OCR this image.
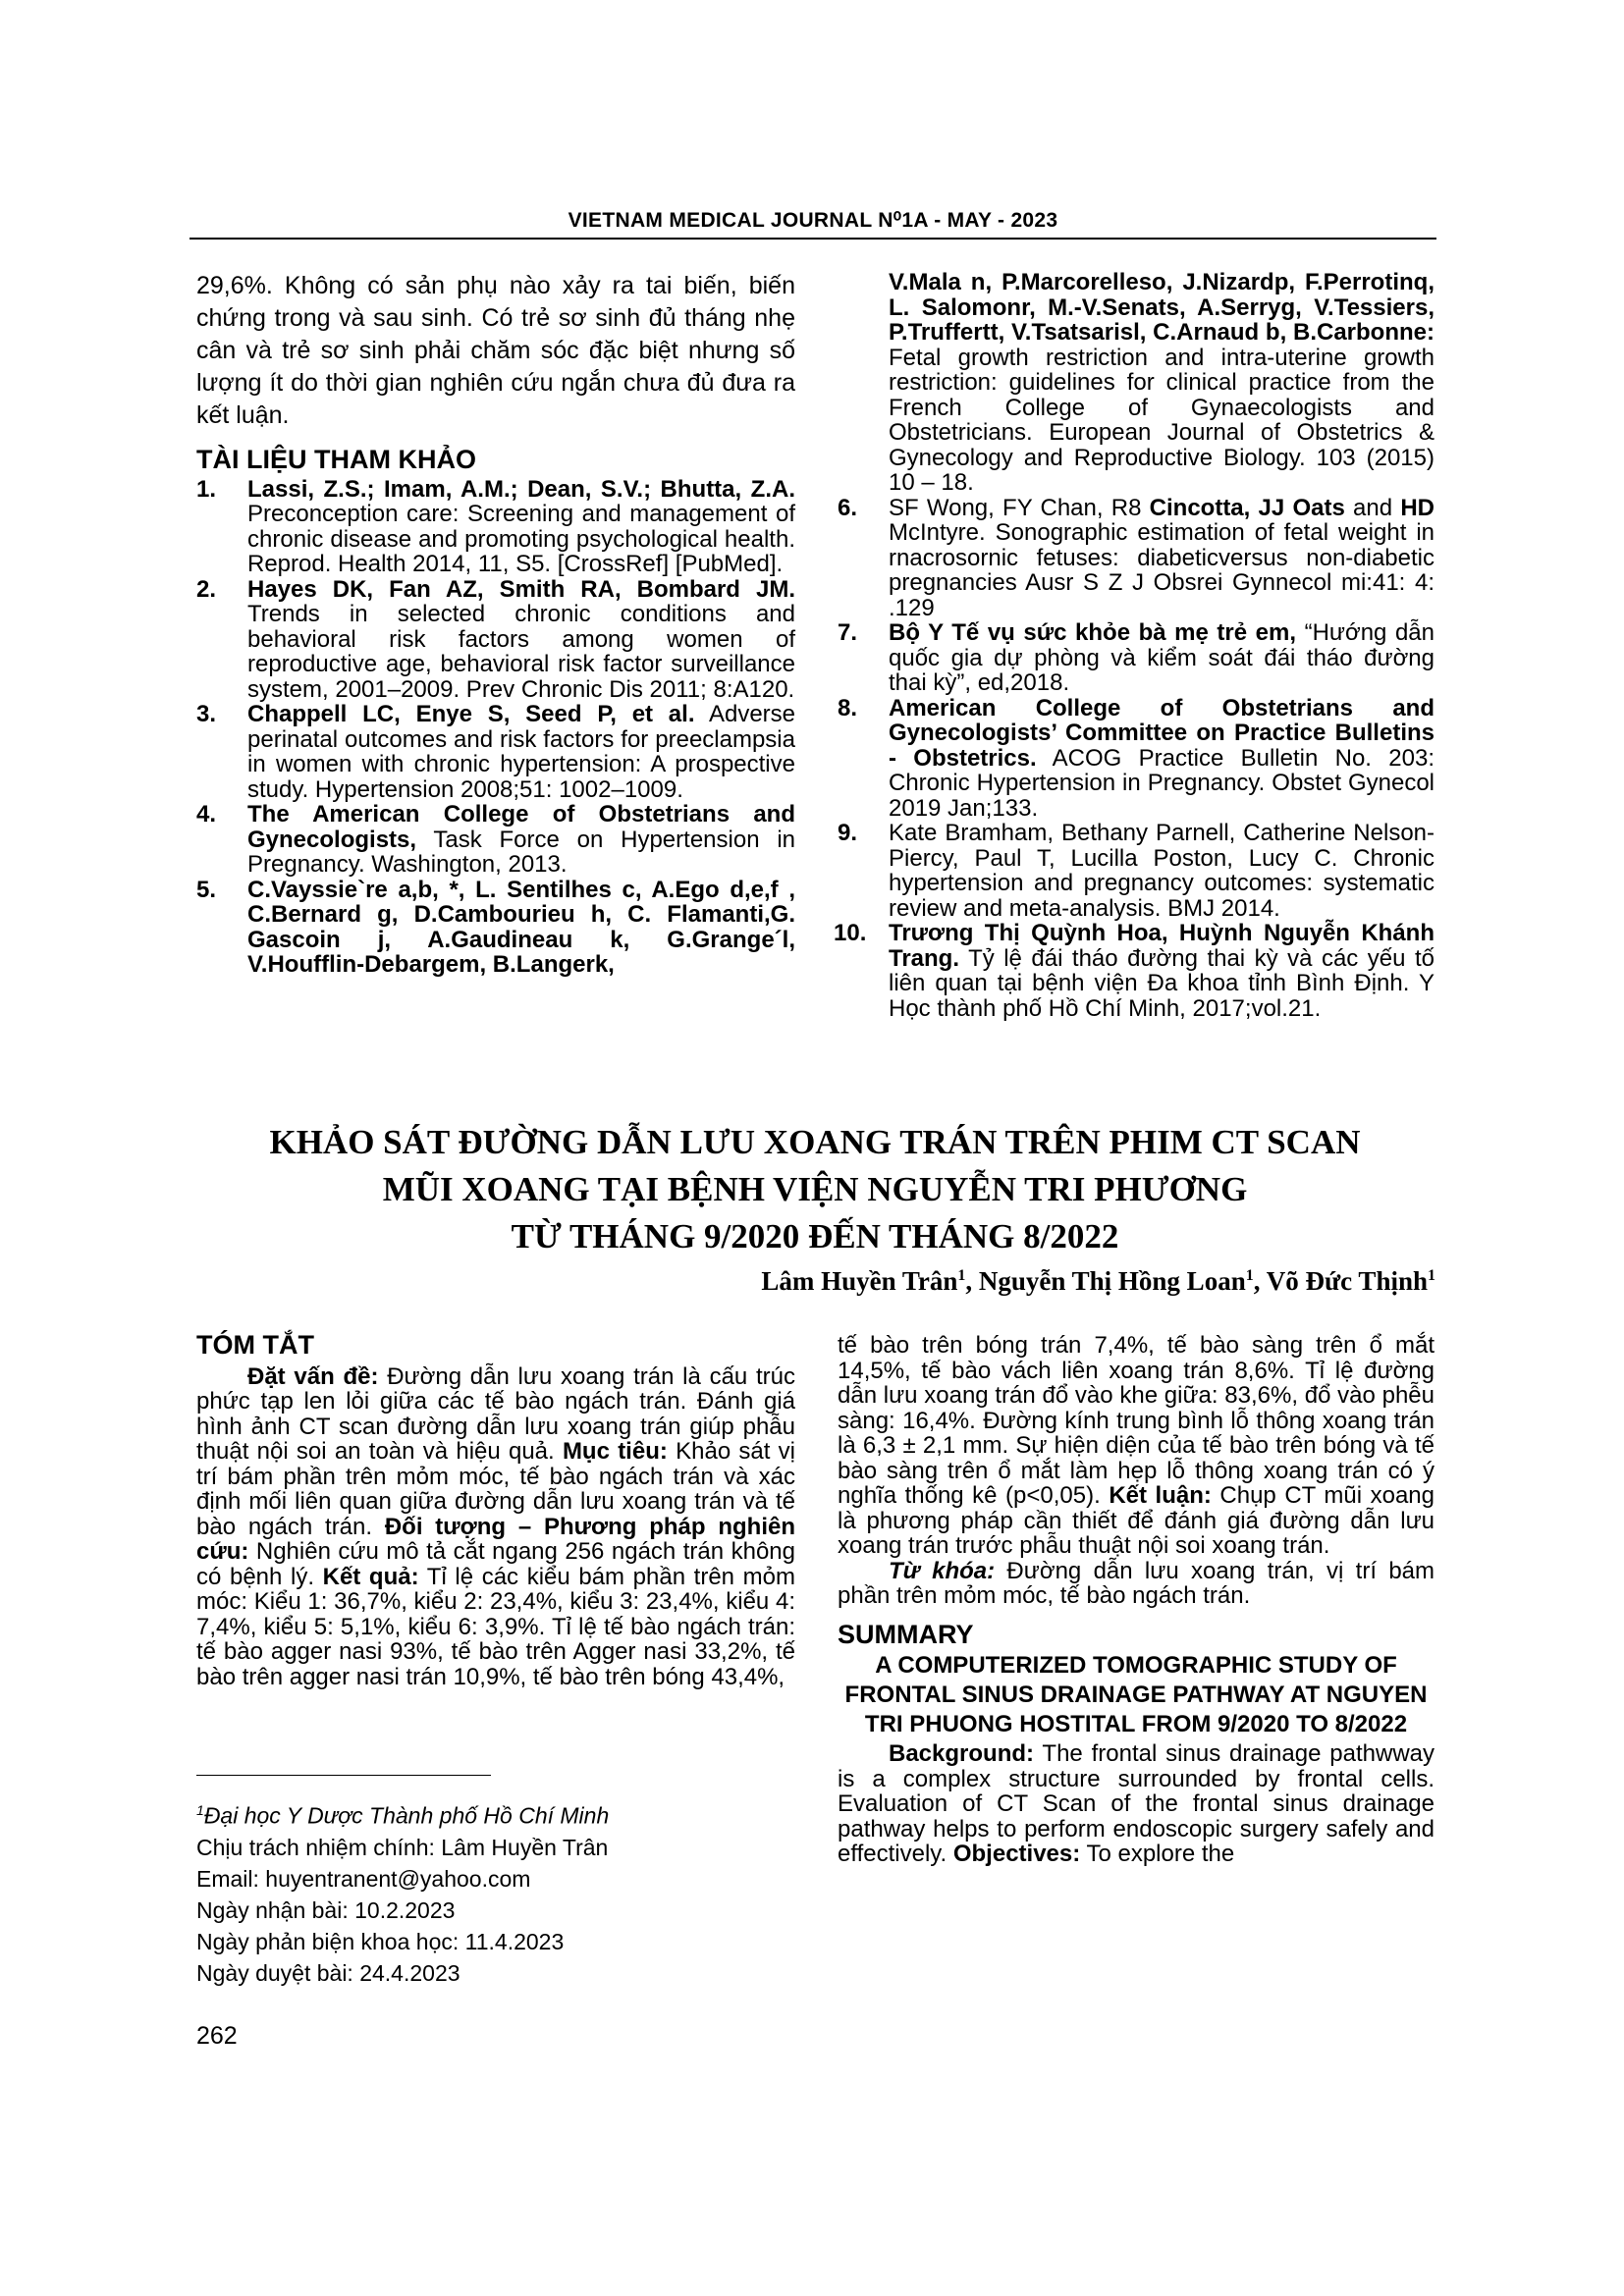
VIETNAM MEDICAL JOURNAL N⁰1A - MAY - 2023

29,6%. Không có sản phụ nào xảy ra tai biến, biến chứng trong và sau sinh. Có trẻ sơ sinh đủ tháng nhẹ cân và trẻ sơ sinh phải chăm sóc đặc biệt nhưng số lượng ít do thời gian nghiên cứu ngắn chưa đủ đưa ra kết luận.

TÀI LIỆU THAM KHẢO
1. Lassi, Z.S.; Imam, A.M.; Dean, S.V.; Bhutta, Z.A. Preconception care: Screening and management of chronic disease and promoting psychological health. Reprod. Health 2014, 11, S5. [CrossRef] [PubMed].
2. Hayes DK, Fan AZ, Smith RA, Bombard JM. Trends in selected chronic conditions and behavioral risk factors among women of reproductive age, behavioral risk factor surveillance system, 2001–2009. Prev Chronic Dis 2011; 8:A120.
3. Chappell LC, Enye S, Seed P, et al. Adverse perinatal outcomes and risk factors for preeclampsia in women with chronic hypertension: A prospective study. Hypertension 2008;51: 1002–1009.
4. The American College of Obstetrians and Gynecologists, Task Force on Hypertension in Pregnancy. Washington, 2013.
5. C.Vayssie`re a,b, *, L. Sentilhes c, A.Ego d,e,f , C.Bernard g, D.Cambourieu h, C. Flamanti,G. Gascoin j, A.Gaudineau k, G.Grange´l, V.Houfflin-Debargem, B.Langerk,
V.Mala n, P.Marcorelleso, J.Nizardp, F.Perrotinq, L. Salomonr, M.-V.Senats, A.Serryg, V.Tessiers, P.Truffertt, V.Tsatsarisl, C.Arnaud b, B.Carbonne: Fetal growth restriction and intra-uterine growth restriction: guidelines for clinical practice from the French College of Gynaecologists and Obstetricians. European Journal of Obstetrics & Gynecology and Reproductive Biology. 103 (2015) 10 – 18.
6. SF Wong, FY Chan, R8 Cincotta, JJ Oats and HD McIntyre. Sonographic estimation of fetal weight in rnacrosornic fetuses: diabeticversus non-diabetic pregnancies Ausr S Z J Obsrei Gynnecol mi:41: 4: .129
7. Bộ Y Tế vụ sức khỏe bà mẹ trẻ em, “Hướng dẫn quốc gia dự phòng và kiểm soát đái tháo đường thai kỳ”, ed,2018.
8. American College of Obstetrians and Gynecologists’ Committee on Practice Bulletins - Obstetrics. ACOG Practice Bulletin No. 203: Chronic Hypertension in Pregnancy. Obstet Gynecol 2019 Jan;133.
9. Kate Bramham, Bethany Parnell, Catherine Nelson-Piercy, Paul T, Lucilla Poston, Lucy C. Chronic hypertension and pregnancy outcomes: systematic review and meta-analysis. BMJ 2014.
10. Trương Thị Quỳnh Hoa, Huỳnh Nguyễn Khánh Trang. Tỷ lệ đái tháo đường thai kỳ và các yếu tố liên quan tại bệnh viện Đa khoa tỉnh Bình Định. Y Học thành phố Hồ Chí Minh, 2017;vol.21.
KHẢO SÁT ĐƯỜNG DẪN LƯU XOANG TRÁN TRÊN PHIM CT SCAN
MŨI XOANG TẠI BỆNH VIỆN NGUYỄN TRI PHƯƠNG
TỪ THÁNG 9/2020 ĐẾN THÁNG 8/2022
Lâm Huyền Trân$^1$, Nguyễn Thị Hồng Loan$^1$, Võ Đức Thịnh$^1$
TÓM TẮT

Đặt vấn đề: Đường dẫn lưu xoang trán là cấu trúc phức tạp len lỏi giữa các tế bào ngách trán. Đánh giá hình ảnh CT scan đường dẫn lưu xoang trán giúp phẫu thuật nội soi an toàn và hiệu quả. Mục tiêu: Khảo sát vị trí bám phần trên mỏm móc, tế bào ngách trán và xác định mối liên quan giữa đường dẫn lưu xoang trán và tế bào ngách trán. Đối tượng – Phương pháp nghiên cứu: Nghiên cứu mô tả cắt ngang 256 ngách trán không có bệnh lý. Kết quả: Tỉ lệ các kiểu bám phần trên mỏm móc: Kiểu 1: 36,7%, kiểu 2: 23,4%, kiểu 3: 23,4%, kiểu 4: 7,4%, kiểu 5: 5,1%, kiểu 6: 3,9%. Tỉ lệ tế bào ngách trán: tế bào agger nasi 93%, tế bào trên Agger nasi 33,2%, tế bào trên agger nasi trán 10,9%, tế bào trên bóng 43,4%,

$^1$Đại học Y Dược Thành phố Hồ Chí Minh
Chịu trách nhiệm chính: Lâm Huyền Trân
Email: huyentranent@yahoo.com
Ngày nhận bài: 10.2.2023
Ngày phản biện khoa học: 11.4.2023
Ngày duyệt bài: 24.4.2023
262

tế bào trên bóng trán 7,4%, tế bào sàng trên ổ mắt 14,5%, tế bào vách liên xoang trán 8,6%. Tỉ lệ đường dẫn lưu xoang trán đổ vào khe giữa: 83,6%, đổ vào phễu sàng: 16,4%. Đường kính trung bình lỗ thông xoang trán là 6,3 ± 2,1 mm. Sự hiện diện của tế bào trên bóng và tế bào sàng trên ổ mắt làm hẹp lỗ thông xoang trán có ý nghĩa thống kê (p<0,05). Kết luận: Chụp CT mũi xoang là phương pháp cần thiết để đánh giá đường dẫn lưu xoang trán trước phẫu thuật nội soi xoang trán.

Từ khóa: Đường dẫn lưu xoang trán, vị trí bám phần trên mỏm móc, tế bào ngách trán.

SUMMARY
A COMPUTERIZED TOMOGRAPHIC STUDY OF FRONTAL SINUS DRAINAGE PATHWAY AT NGUYEN TRI PHUONG HOSTITAL FROM 9/2020 TO 8/2022

Background: The frontal sinus drainage pathwway is a complex structure surrounded by frontal cells. Evaluation of CT Scan of the frontal sinus drainage pathway helps to perform endoscopic surgery safely and effectively. Objectives: To explore the
